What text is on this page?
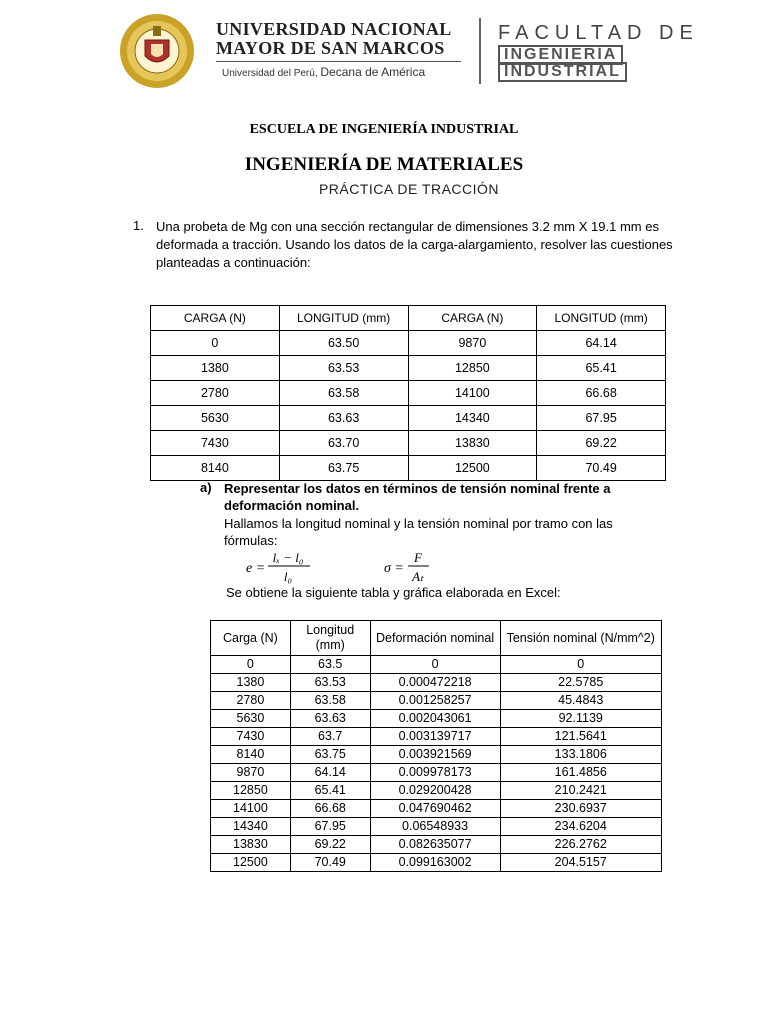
UNIVERSIDAD NACIONAL
MAYOR DE SAN MARCOS
Universidad del Perú, Decana de América
FACULTAD DE
INGENIERÍA
INDUSTRIAL
ESCUELA DE INGENIERÍA INDUSTRIAL
INGENIERÍA DE MATERIALES
PRÁCTICA DE TRACCIÓN
1. Una probeta de Mg con una sección rectangular de dimensiones 3.2 mm X 19.1 mm es deformada a tracción. Usando los datos de la carga-alargamiento, resolver las cuestiones planteadas a continuación:
CARGA (N)	LONGITUD (mm)	CARGA (N)	LONGITUD (mm)
0	63.50	9870	64.14
1380	63.53	12850	65.41
2780	63.58	14100	66.68
5630	63.63	14340	67.95
7430	63.70	13830	69.22
8140	63.75	12500	70.49
a) Representar los datos en términos de tensión nominal frente a deformación nominal.
Hallamos la longitud nominal y la tensión nominal por tramo con las fórmulas:
e =
lₓ − l₀
l₀
σ =
F
Aₜ
Se obtiene la siguiente tabla y gráfica elaborada en Excel:
Carga (N)	Longitud (mm)	Deformación nominal	Tensión nominal (N/mm^2)
0	63.5	0	0
1380	63.53	0.000472218	22.5785
2780	63.58	0.001258257	45.4843
5630	63.63	0.002043061	92.1139
7430	63.7	0.003139717	121.5641
8140	63.75	0.003921569	133.1806
9870	64.14	0.009978173	161.4856
12850	65.41	0.029200428	210.2421
14100	66.68	0.047690462	230.6937
14340	67.95	0.06548933	234.6204
13830	69.22	0.082635077	226.2762
12500	70.49	0.099163002	204.5157
